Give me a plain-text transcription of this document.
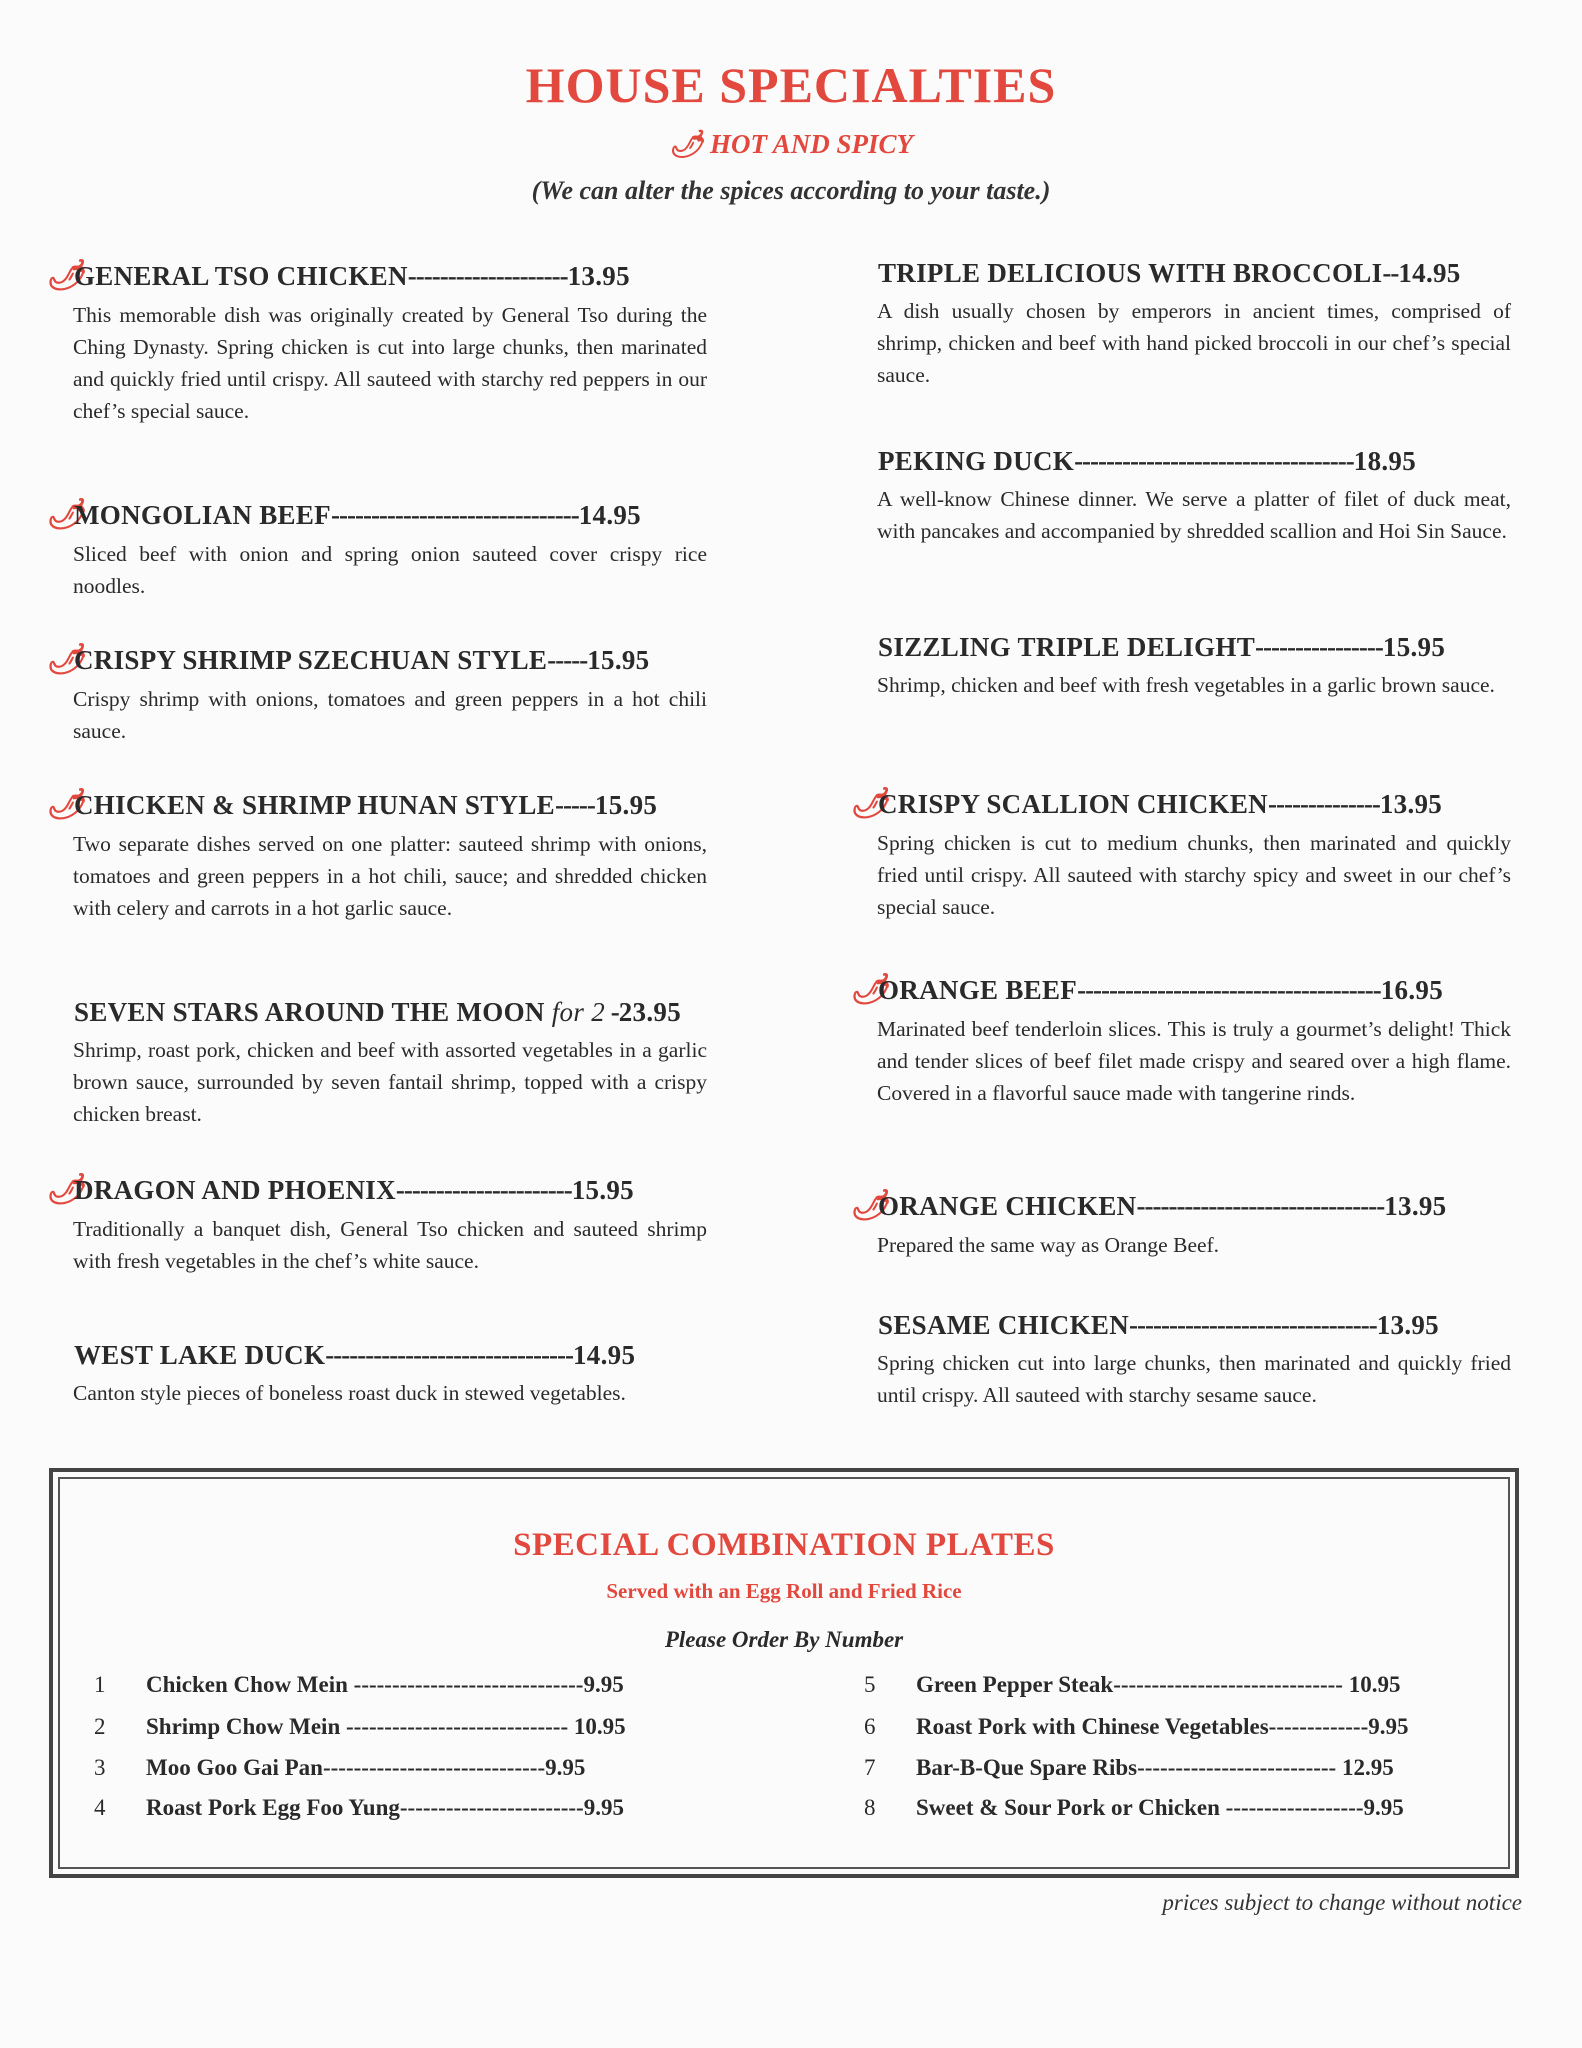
HOUSE SPECIALTIES
🌶︎ HOT AND SPICY
(We can alter the spices according to your taste.)
🌶︎GENERAL TSO CHICKEN--------------------13.95
This memorable dish was originally created by General Tso during the Ching Dynasty. Spring chicken is cut into large chunks, then marinated and quickly fried until crispy. All sauteed with starchy red peppers in our chef’s special sauce.
🌶︎MONGOLIAN BEEF-------------------------------14.95
Sliced beef with onion and spring onion sauteed cover crispy rice noodles.
🌶︎CRISPY SHRIMP SZECHUAN STYLE-----15.95
Crispy shrimp with onions, tomatoes and green peppers in a hot chili sauce.
🌶︎CHICKEN & SHRIMP HUNAN STYLE-----15.95
Two separate dishes served on one platter: sauteed shrimp with onions, tomatoes and green peppers in a hot chili, sauce; and shredded chicken with celery and carrots in a hot garlic sauce.
SEVEN STARS AROUND THE MOON for 2 -23.95
Shrimp, roast pork, chicken and beef with assorted vegetables in a garlic brown sauce, surrounded by seven fantail shrimp, topped with a crispy chicken breast.
🌶︎DRAGON AND PHOENIX----------------------15.95
Traditionally a banquet dish, General Tso chicken and sauteed shrimp with fresh vegetables in the chef’s white sauce.
WEST LAKE DUCK-------------------------------14.95
Canton style pieces of boneless roast duck in stewed vegetables.
TRIPLE DELICIOUS WITH BROCCOLI--14.95
A dish usually chosen by emperors in ancient times, comprised of shrimp, chicken and beef with hand picked broccoli in our chef’s special sauce.
PEKING DUCK-----------------------------------18.95
A well-know Chinese dinner. We serve a platter of filet of duck meat, with pancakes and accompanied by shredded scallion and Hoi Sin Sauce.
SIZZLING TRIPLE DELIGHT----------------15.95
Shrimp, chicken and beef with fresh vegetables in a garlic brown sauce.
🌶︎CRISPY SCALLION CHICKEN--------------13.95
Spring chicken is cut to medium chunks, then marinated and quickly fried until crispy. All sauteed with starchy spicy and sweet in our chef’s special sauce.
🌶︎ORANGE BEEF--------------------------------------16.95
Marinated beef tenderloin slices. This is truly a gourmet’s delight! Thick and tender slices of beef filet made crispy and seared over a high flame. Covered in a flavorful sauce made with tangerine rinds.
🌶︎ORANGE CHICKEN-------------------------------13.95
Prepared the same way as Orange Beef.
SESAME CHICKEN-------------------------------13.95
Spring chicken cut into large chunks, then marinated and quickly fried until crispy. All sauteed with starchy sesame sauce.
SPECIAL COMBINATION PLATES
Served with an Egg Roll and Fried Rice
Please Order By Number
1 Chicken Chow Mein ------------------------------9.95
2 Shrimp Chow Mein ----------------------------- 10.95
3 Moo Goo Gai Pan-----------------------------9.95
4 Roast Pork Egg Foo Yung------------------------9.95
5 Green Pepper Steak------------------------------ 10.95
6 Roast Pork with Chinese Vegetables-------------9.95
7 Bar-B-Que Spare Ribs-------------------------- 12.95
8 Sweet & Sour Pork or Chicken ------------------9.95
prices subject to change without notice
